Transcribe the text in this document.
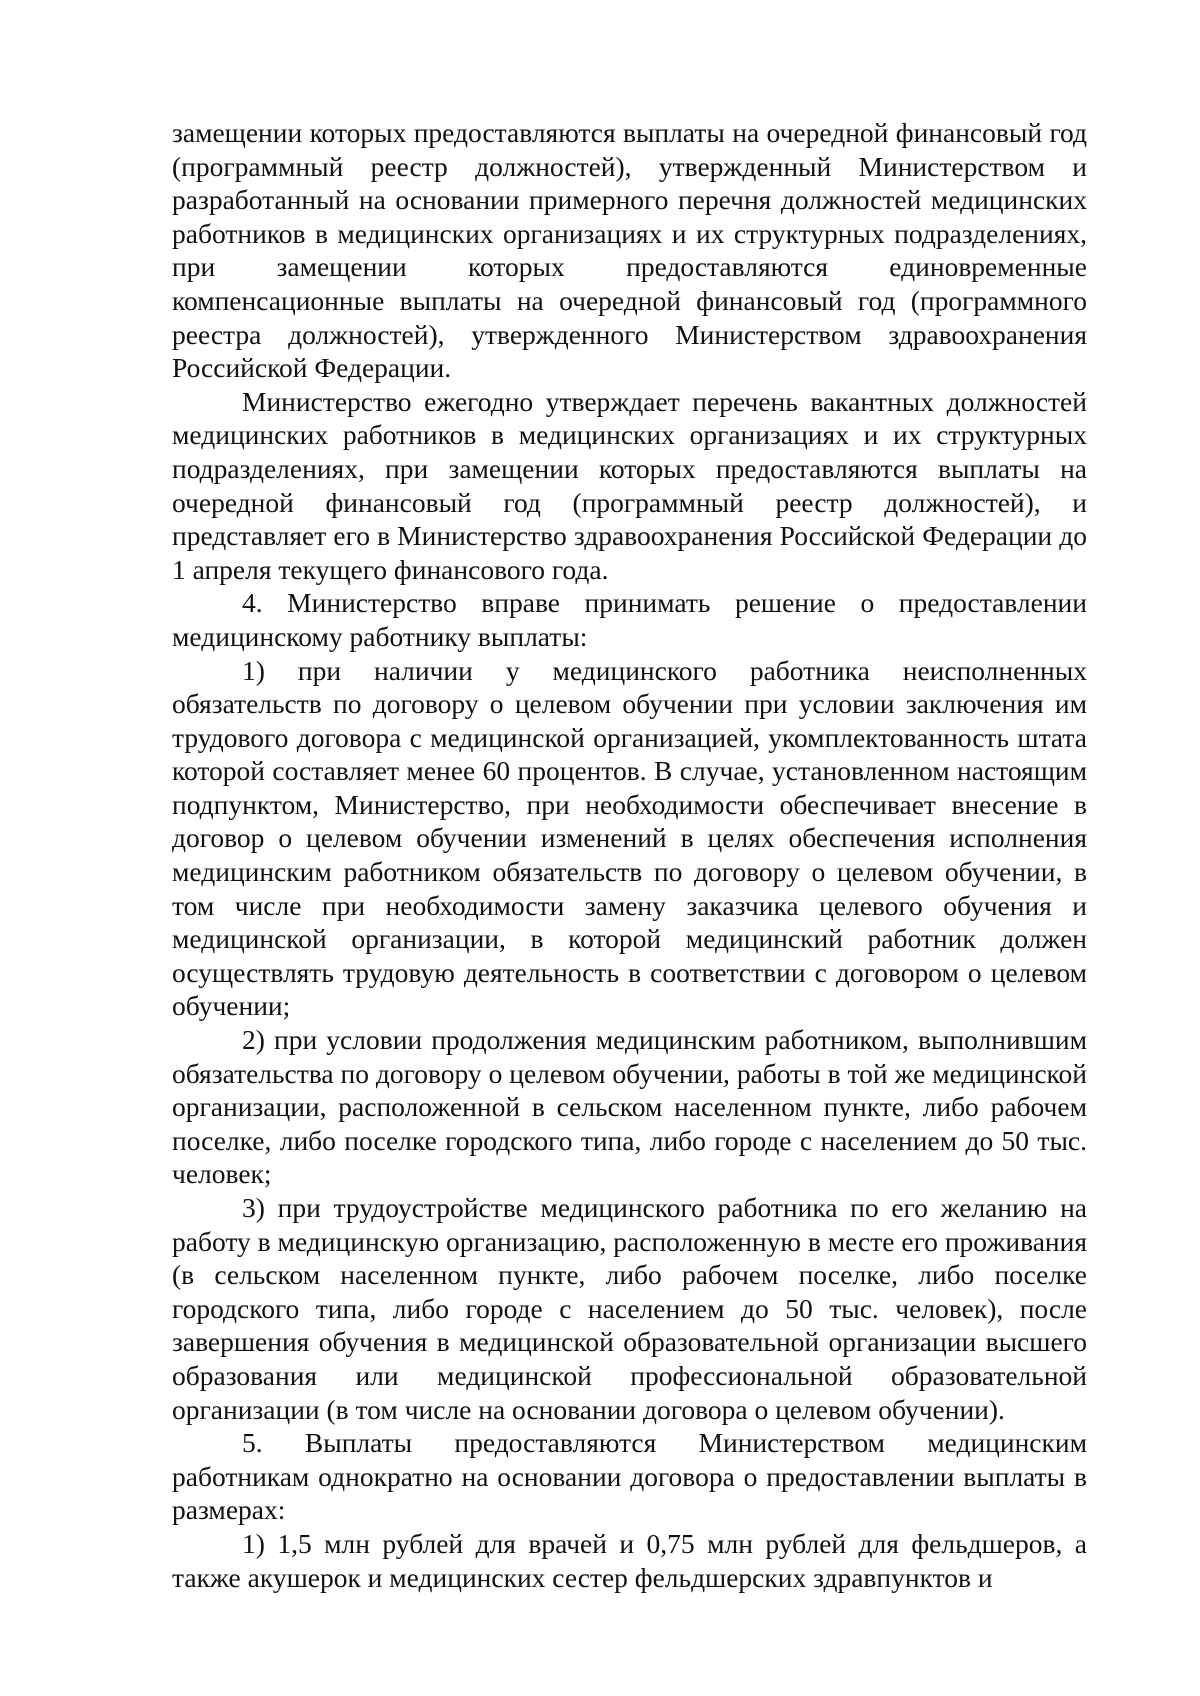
замещении которых предоставляются выплаты на очередной финансовый год (программный реестр должностей), утвержденный Министерством и разработанный на основании примерного перечня должностей медицинских работников в медицинских организациях и их структурных подразделениях, при замещении которых предоставляются единовременные компенсационные выплаты на очередной финансовый год (программного реестра должностей), утвержденного Министерством здравоохранения Российской Федерации.

Министерство ежегодно утверждает перечень вакантных должностей медицинских работников в медицинских организациях и их структурных подразделениях, при замещении которых предоставляются выплаты на очередной финансовый год (программный реестр должностей), и представляет его в Министерство здравоохранения Российской Федерации до 1 апреля текущего финансового года.

4. Министерство вправе принимать решение о предоставлении медицинскому работнику выплаты:

1) при наличии у медицинского работника неисполненных обязательств по договору о целевом обучении при условии заключения им трудового договора с медицинской организацией, укомплектованность штата которой составляет менее 60 процентов. В случае, установленном настоящим подпунктом, Министерство, при необходимости обеспечивает внесение в договор о целевом обучении изменений в целях обеспечения исполнения медицинским работником обязательств по договору о целевом обучении, в том числе при необходимости замену заказчика целевого обучения и медицинской организации, в которой медицинский работник должен осуществлять трудовую деятельность в соответствии с договором о целевом обучении;

2) при условии продолжения медицинским работником, выполнившим обязательства по договору о целевом обучении, работы в той же медицинской организации, расположенной в сельском населенном пункте, либо рабочем поселке, либо поселке городского типа, либо городе с населением до 50 тыс. человек;

3) при трудоустройстве медицинского работника по его желанию на работу в медицинскую организацию, расположенную в месте его проживания (в сельском населенном пункте, либо рабочем поселке, либо поселке городского типа, либо городе с населением до 50 тыс. человек), после завершения обучения в медицинской образовательной организации высшего образования или медицинской профессиональной образовательной организации (в том числе на основании договора о целевом обучении).

5. Выплаты предоставляются Министерством медицинским работникам однократно на основании договора о предоставлении выплаты в размерах:

1) 1,5 млн рублей для врачей и 0,75 млн рублей для фельдшеров, а также акушерок и медицинских сестер фельдшерских здравпунктов и
